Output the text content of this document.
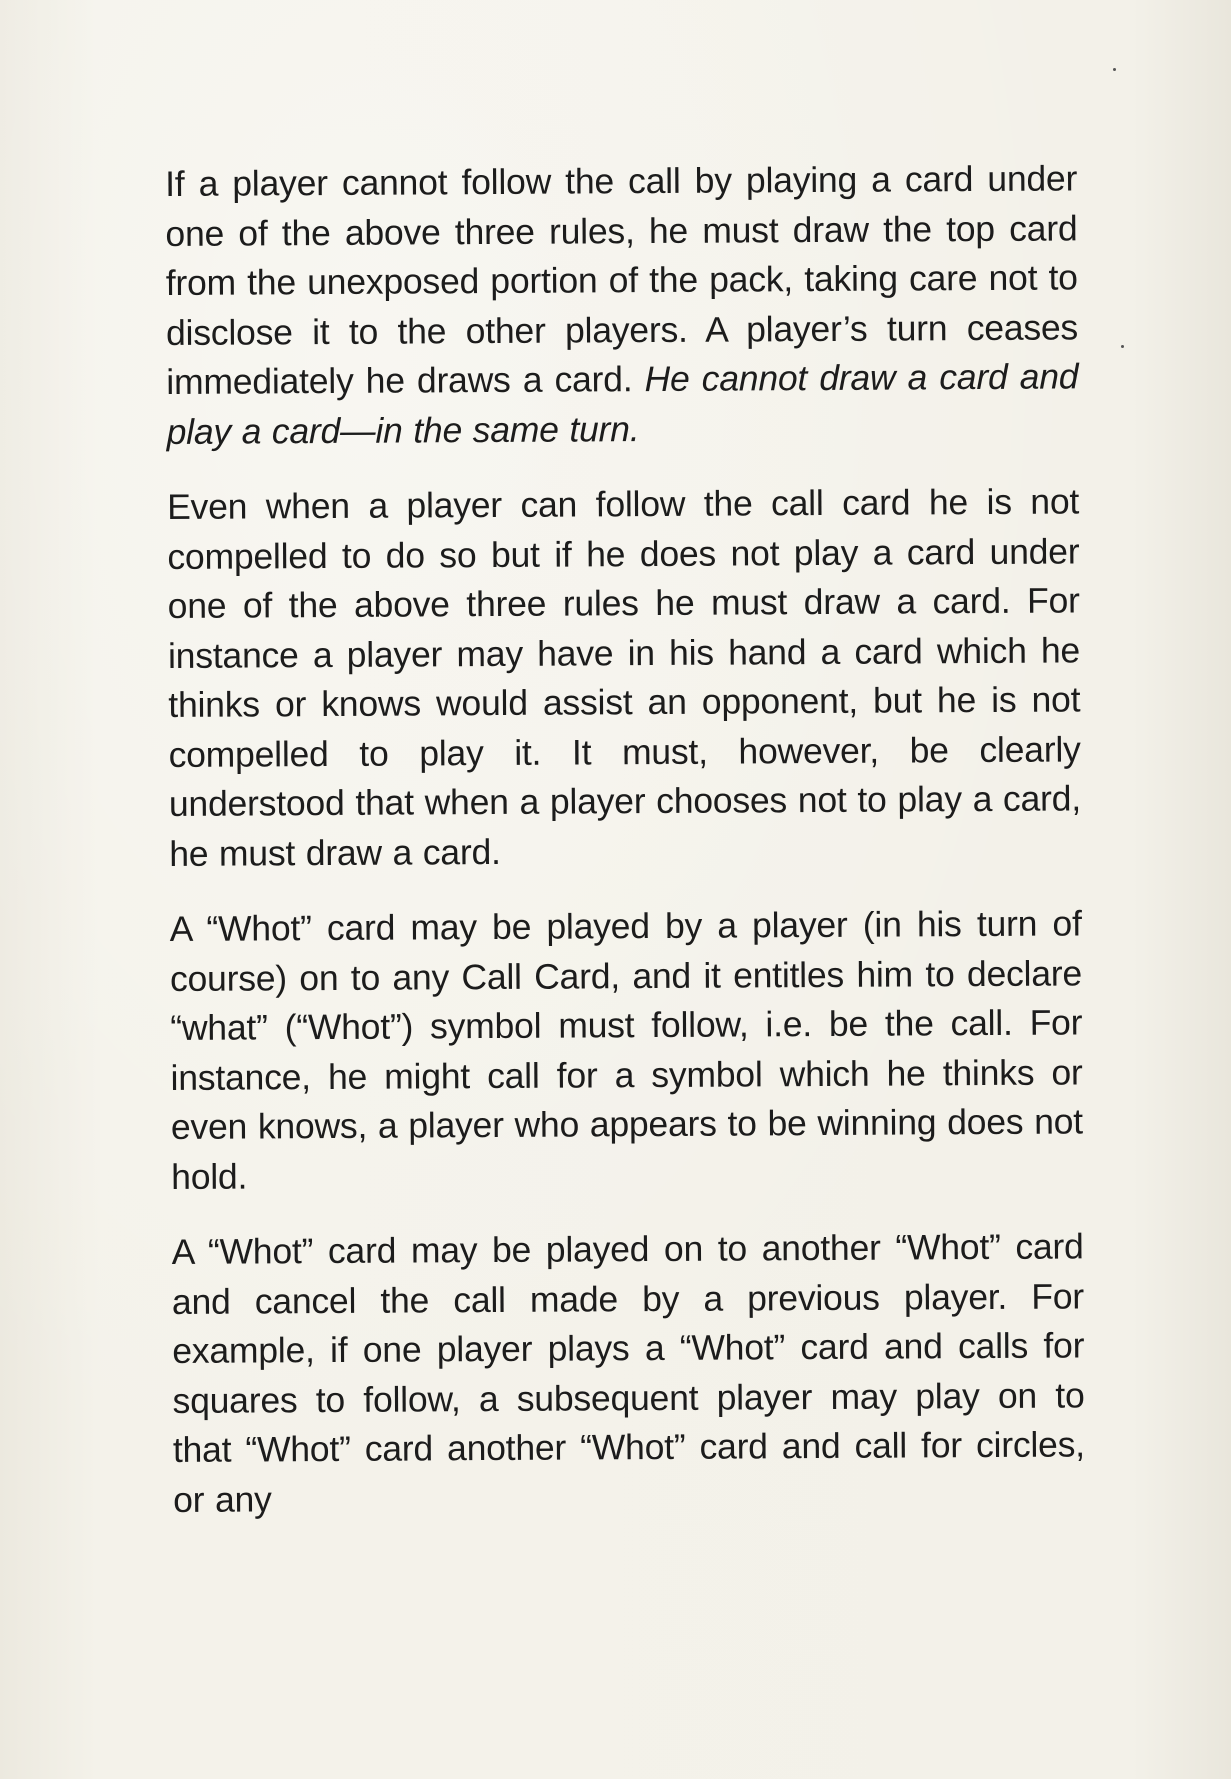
If a player cannot follow the call by playing a card under one of the above three rules, he must draw the top card from the unexposed portion of the pack, taking care not to disclose it to the other players. A player’s turn ceases immediately he draws a card. He cannot draw a card and play a card—in the same turn.

Even when a player can follow the call card he is not compelled to do so but if he does not play a card under one of the above three rules he must draw a card. For instance a player may have in his hand a card which he thinks or knows would assist an opponent, but he is not compelled to play it. It must, however, be clearly understood that when a player chooses not to play a card, he must draw a card.

A “Whot” card may be played by a player (in his turn of course) on to any Call Card, and it entitles him to declare “what” (“Whot”) symbol must follow, i.e. be the call. For instance, he might call for a symbol which he thinks or even knows, a player who appears to be winning does not hold.

A “Whot” card may be played on to another “Whot” card and cancel the call made by a previous player. For example, if one player plays a “Whot” card and calls for squares to follow, a subsequent player may play on to that “Whot” card another “Whot” card and call for circles, or any
